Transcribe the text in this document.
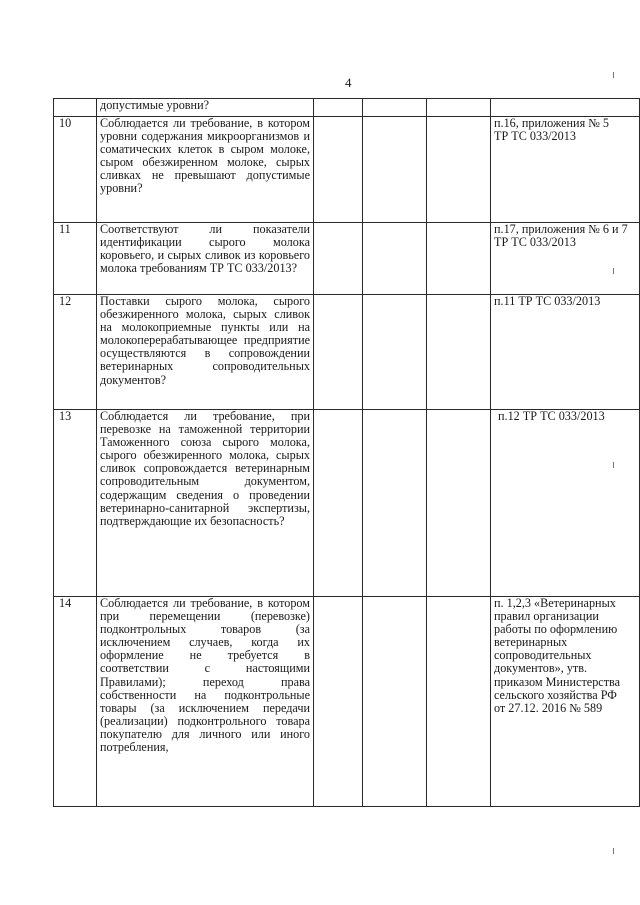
4
	допустимые уровни?				
10	Соблюдается ли требование, в котором уровни содержания микроорганизмов и соматических клеток в сыром молоке, сыром обезжиренном молоке, сырых сливках не превышают допустимые уровни?				п.16, приложения № 5 ТР ТС 033/2013

11	Соответствуют ли показатели идентификации сырого молока коровьего, и сырых сливок из коровьего молока требованиям ТР ТС 033/2013?				п.17, приложения № 6 и 7 ТР ТС 033/2013
12	Поставки сырого молока, сырого обезжиренного молока, сырых сливок на молокоприемные пункты или на молокоперерабатывающее предприятие осуществляются в сопровождении ветеринарных сопроводительных документов?				п.11 ТР ТС 033/2013
13	Соблюдается ли требование, при перевозке на таможенной территории Таможенного союза сырого молока, сырого обезжиренного молока, сырых сливок сопровождается ветеринарным сопроводительным документом, содержащим сведения о проведении ветеринарно-санитарной экспертизы, подтверждающие их безопасность?				п.12 ТР ТС 033/2013

14	Соблюдается ли требование, в котором при перемещении (перевозке) подконтрольных товаров (за исключением случаев, когда их оформление не требуется в соответствии с настоящими Правилами); переход права собственности на подконтрольные товары (за исключением передачи (реализации) подконтрольного товара покупателю для личного или иного потребления,				п. 1,2,3 «Ветеринарных правил организации работы по оформлению ветеринарных сопроводительных документов», утв. приказом Министерства сельского хозяйства РФ от 27.12. 2016 № 589
